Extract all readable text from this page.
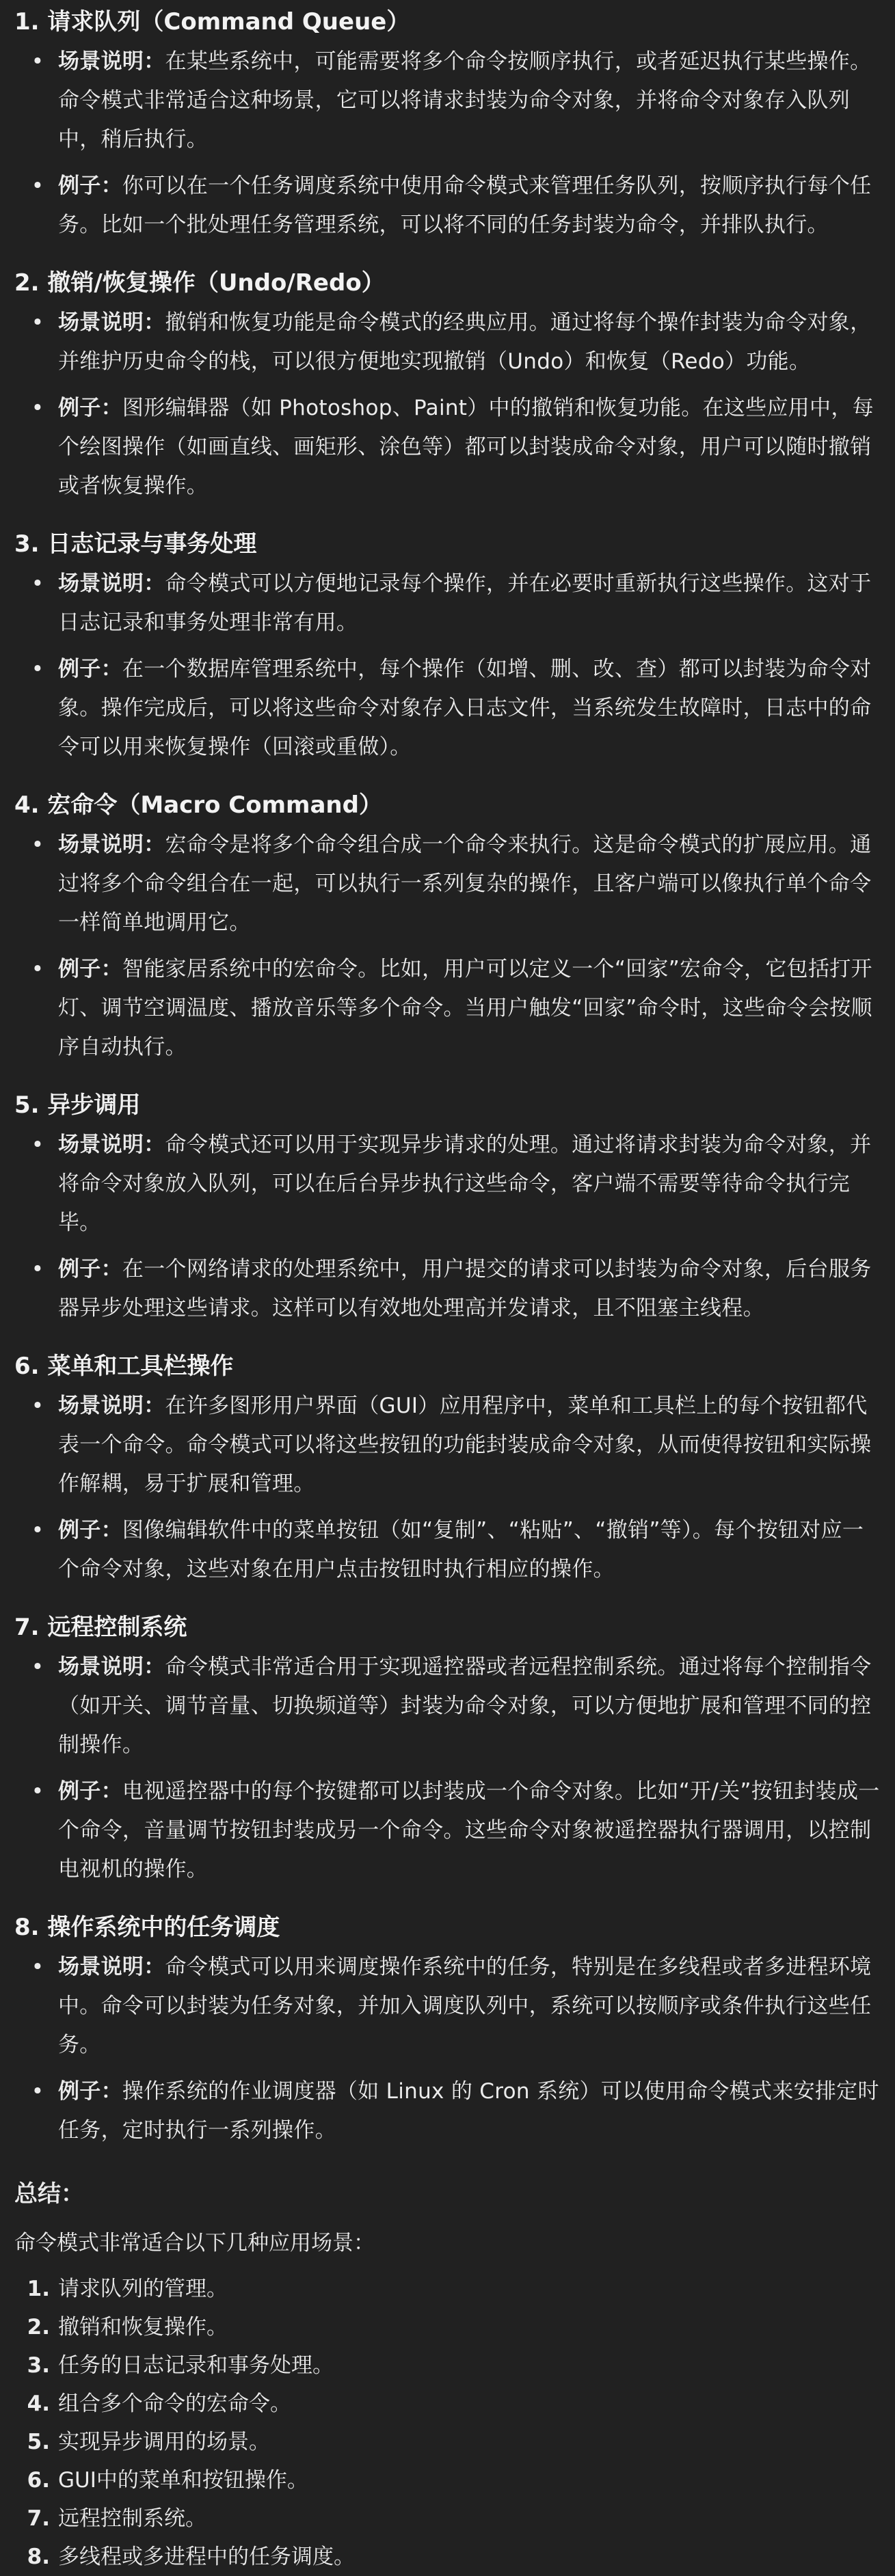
1. 请求队列（Command Queue）
• 场景说明：在某些系统中，可能需要将多个命令按顺序执行，或者延迟执行某些操作。命令模式非常适合这种场景，它可以将请求封装为命令对象，并将命令对象存入队列中，稍后执行。
• 例子：你可以在一个任务调度系统中使用命令模式来管理任务队列，按顺序执行每个任务。比如一个批处理任务管理系统，可以将不同的任务封装为命令，并排队执行。
2. 撤销/恢复操作（Undo/Redo）
• 场景说明：撤销和恢复功能是命令模式的经典应用。通过将每个操作封装为命令对象，并维护历史命令的栈，可以很方便地实现撤销（Undo）和恢复（Redo）功能。
• 例子：图形编辑器（如 Photoshop、Paint）中的撤销和恢复功能。在这些应用中，每个绘图操作（如画直线、画矩形、涂色等）都可以封装成命令对象，用户可以随时撤销或者恢复操作。
3. 日志记录与事务处理
• 场景说明：命令模式可以方便地记录每个操作，并在必要时重新执行这些操作。这对于日志记录和事务处理非常有用。
• 例子：在一个数据库管理系统中，每个操作（如增、删、改、查）都可以封装为命令对象。操作完成后，可以将这些命令对象存入日志文件，当系统发生故障时，日志中的命令可以用来恢复操作（回滚或重做）。
4. 宏命令（Macro Command）
• 场景说明：宏命令是将多个命令组合成一个命令来执行。这是命令模式的扩展应用。通过将多个命令组合在一起，可以执行一系列复杂的操作，且客户端可以像执行单个命令一样简单地调用它。
• 例子：智能家居系统中的宏命令。比如，用户可以定义一个“回家”宏命令，它包括打开灯、调节空调温度、播放音乐等多个命令。当用户触发“回家”命令时，这些命令会按顺序自动执行。
5. 异步调用
• 场景说明：命令模式还可以用于实现异步请求的处理。通过将请求封装为命令对象，并将命令对象放入队列，可以在后台异步执行这些命令，客户端不需要等待命令执行完毕。
• 例子：在一个网络请求的处理系统中，用户提交的请求可以封装为命令对象，后台服务器异步处理这些请求。这样可以有效地处理高并发请求，且不阻塞主线程。
6. 菜单和工具栏操作
• 场景说明：在许多图形用户界面（GUI）应用程序中，菜单和工具栏上的每个按钮都代表一个命令。命令模式可以将这些按钮的功能封装成命令对象，从而使得按钮和实际操作解耦，易于扩展和管理。
• 例子：图像编辑软件中的菜单按钮（如“复制”、“粘贴”、“撤销”等）。每个按钮对应一个命令对象，这些对象在用户点击按钮时执行相应的操作。
7. 远程控制系统
• 场景说明：命令模式非常适合用于实现遥控器或者远程控制系统。通过将每个控制指令（如开关、调节音量、切换频道等）封装为命令对象，可以方便地扩展和管理不同的控制操作。
• 例子：电视遥控器中的每个按键都可以封装成一个命令对象。比如“开/关”按钮封装成一个命令，音量调节按钮封装成另一个命令。这些命令对象被遥控器执行器调用，以控制电视机的操作。
8. 操作系统中的任务调度
• 场景说明：命令模式可以用来调度操作系统中的任务，特别是在多线程或者多进程环境中。命令可以封装为任务对象，并加入调度队列中，系统可以按顺序或条件执行这些任务。
• 例子：操作系统的作业调度器（如 Linux 的 Cron 系统）可以使用命令模式来安排定时任务，定时执行一系列操作。
总结：

命令模式非常适合以下几种应用场景：

1. 请求队列的管理。
2. 撤销和恢复操作。
3. 任务的日志记录和事务处理。
4. 组合多个命令的宏命令。
5. 实现异步调用的场景。
6. GUI中的菜单和按钮操作。
7. 远程控制系统。
8. 多线程或多进程中的任务调度。
